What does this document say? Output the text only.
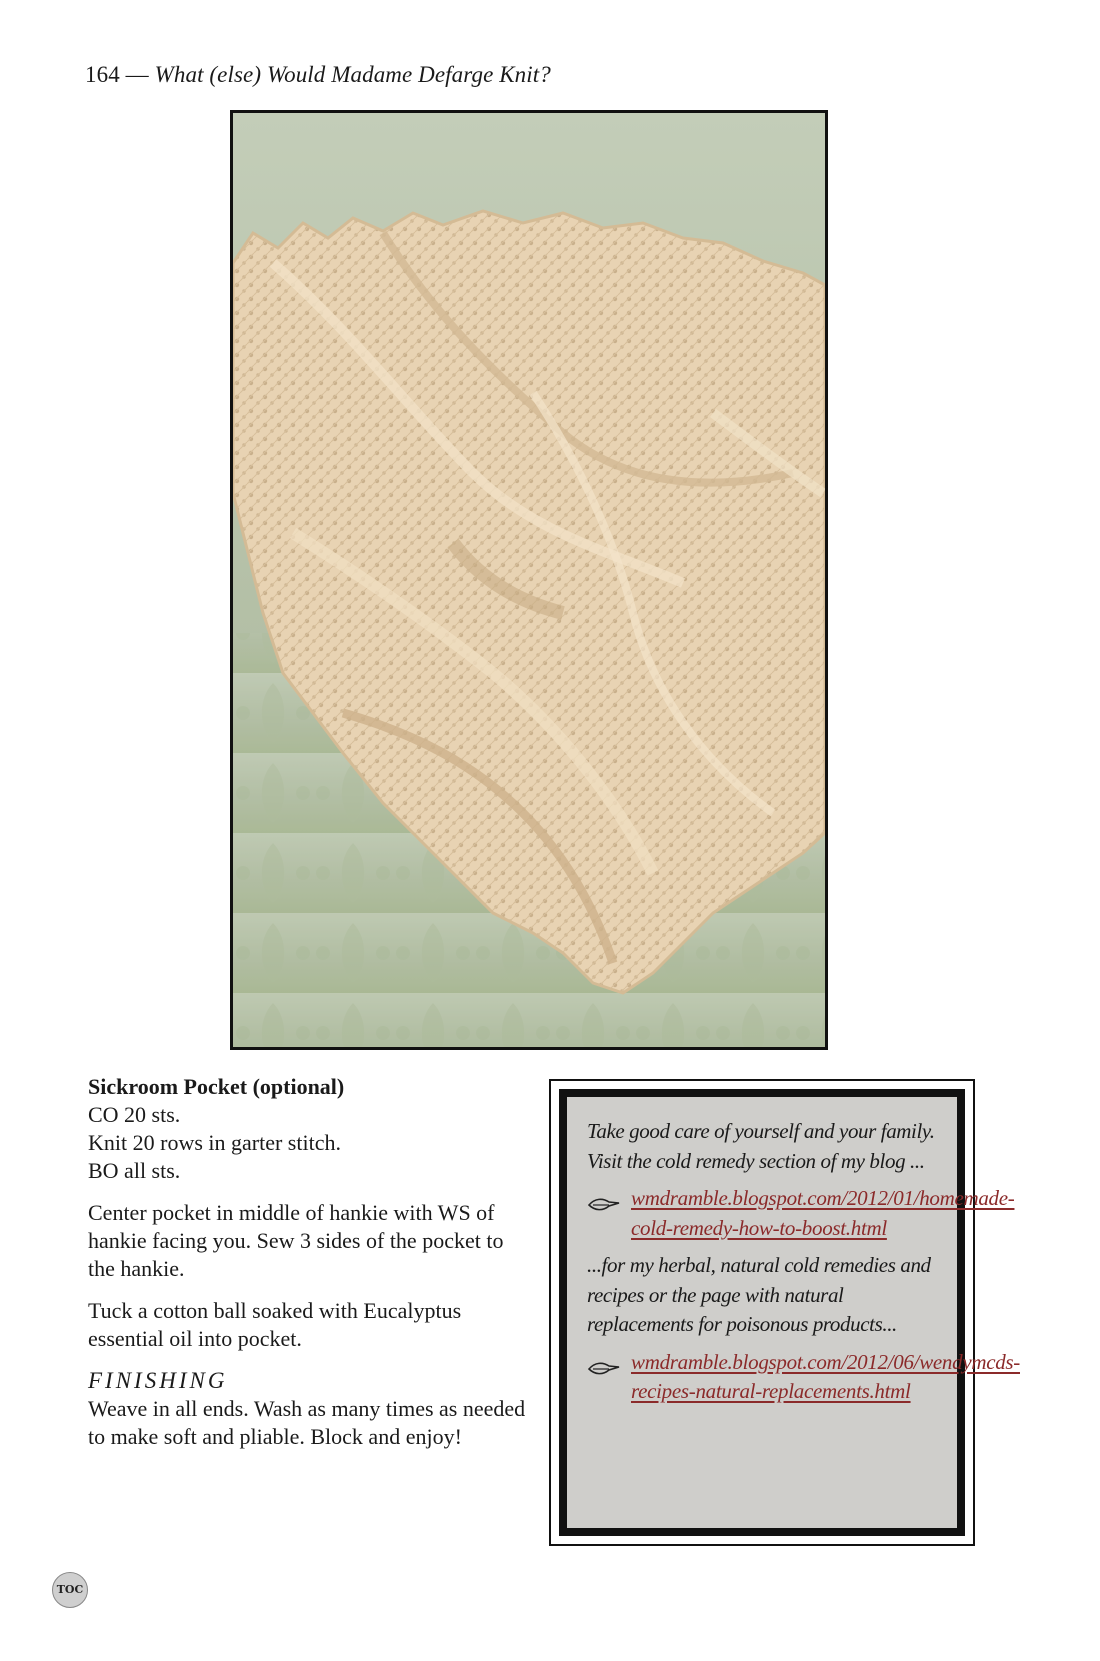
164 — What (else) Would Madame Defarge Knit?

Sickroom Pocket (optional)

CO 20 sts.

Knit 20 rows in garter stitch.

BO all sts.

Center pocket in middle of hankie with WS of hankie facing you. Sew 3 sides of the pocket to the hankie.

Tuck a cotton ball soaked with Eucalyptus essential oil into pocket.

FINISHING

Weave in all ends. Wash as many times as needed to make soft and pliable. Block and enjoy!

Take good care of yourself and your family. Visit the cold remedy section of my blog ...

wmdramble.blogspot.com/2012/01/homemade-cold-remedy-how-to-boost.html

...for my herbal, natural cold remedies and recipes or the page with natural replacements for poisonous products...

wmdramble.blogspot.com/2012/06/wendymcds-recipes-natural-replacements.html
TOC
